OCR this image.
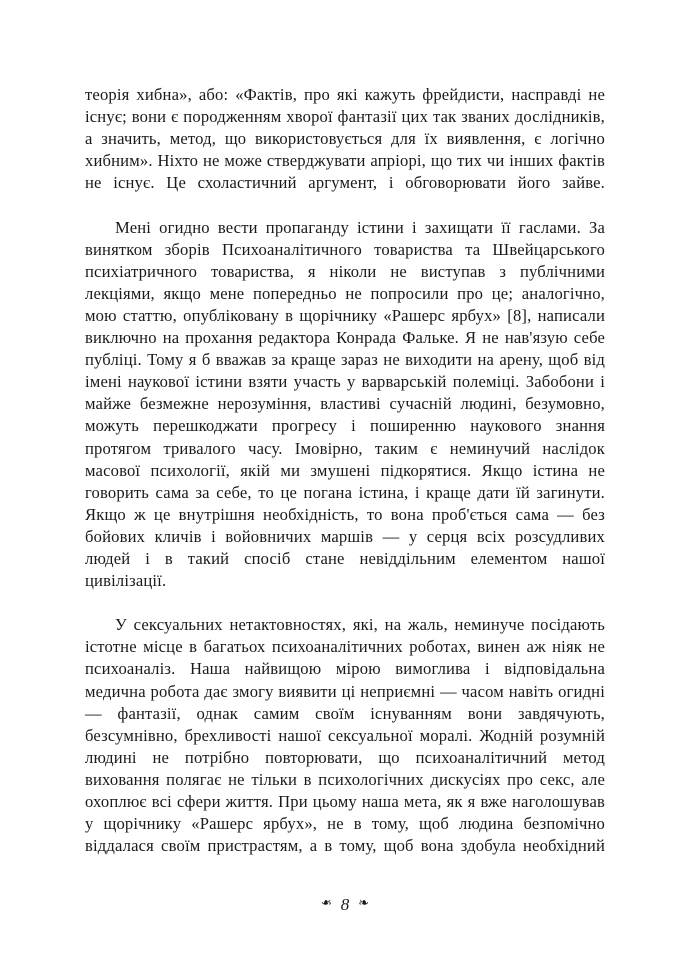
теорія хибна», або: «Фактів, про які кажуть фрейдисти, насправді не існує; вони є породженням хворої фантазії цих так званих дослідників, а значить, метод, що використовується для їх виявлення, є логічно хибним». Ніхто не може стверджувати апріорі, що тих чи інших фактів не існує. Це схоластичний аргумент, і обговорювати його зайве.

Мені огидно вести пропаганду істини і захищати її гаслами. За винятком зборів Психоаналітичного товариства та Швейцарського психіатричного товариства, я ніколи не виступав з публічними лекціями, якщо мене попередньо не попросили про це; аналогічно, мою статтю, опубліковану в щорічнику «Рашерс ярбух» [8], написали виключно на прохання редактора Конрада Фальке. Я не нав'язую себе публіці. Тому я б вважав за краще зараз не виходити на арену, щоб від імені наукової істини взяти участь у варварській полеміці. Забобони і майже безмежне нерозуміння, властиві сучасній людині, безумовно, можуть перешкоджати прогресу і поширенню наукового знання протягом тривалого часу. Імовірно, таким є неминучий наслідок масової психології, якій ми змушені підкорятися. Якщо істина не говорить сама за себе, то це погана істина, і краще дати їй загинути. Якщо ж це внутрішня необхідність, то вона проб'ється сама — без бойових кличів і войовничих маршів — у серця всіх розсудливих людей і в такий спосіб стане невіддільним елементом нашої цивілізації.

У сексуальних нетактовностях, які, на жаль, неминуче посідають істотне місце в багатьох психоаналітичних роботах, винен аж ніяк не психоаналіз. Наша найвищою мірою вимоглива і відповідальна медична робота дає змогу виявити ці неприємні — часом навіть огидні — фантазії, однак самим своїм існуванням вони завдячують, безсумнівно, брехливості нашої сексуальної моралі. Жодній розумній людині не потрібно повторювати, що психоаналітичний метод виховання полягає не тільки в психологічних дискусіях про секс, але охоплює всі сфери життя. При цьому наша мета, як я вже наголошував у щорічнику «Рашерс ярбух», не в тому, щоб людина безпомічно віддалася своїм пристрастям, а в тому, щоб вона здобула необхідний

❧ 8 ❧
